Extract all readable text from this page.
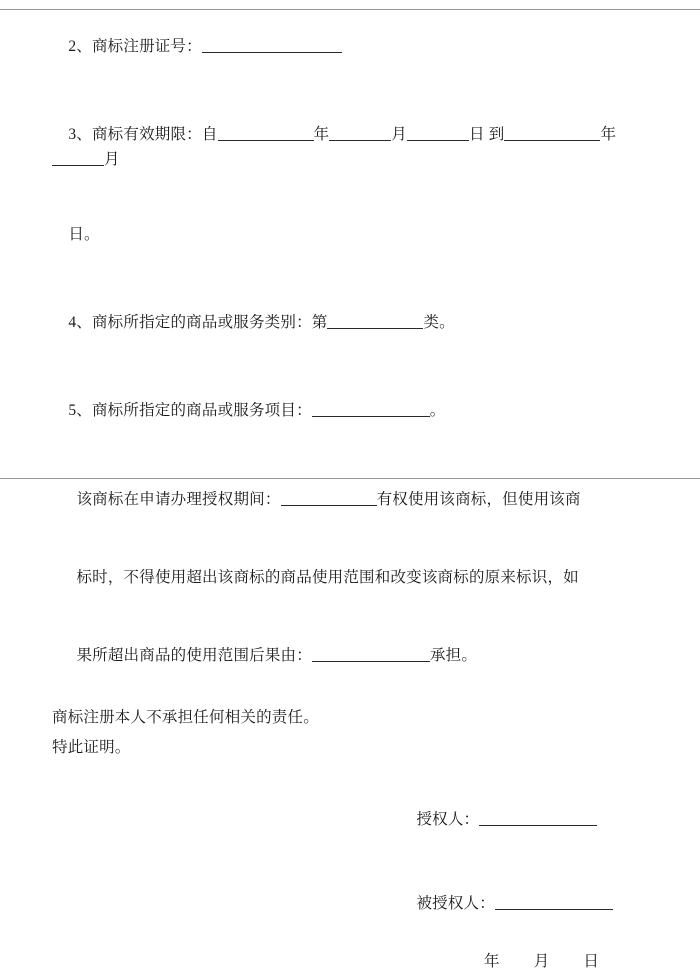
2、商标注册证号：

3、商标有效期限：自	年	月	日 到	年月

日。

4、商标所指定的商品或服务类别：第	类。

5、商标所指定的商品或服务项目：	。

该商标在申请办理授权期间：	有权使用该商标，但使用该商

标时，不得使用超出该商标的商品使用范围和改变该商标的原来标识，如

果所超出商品的使用范围后果由：	承担。

商标注册本人不承担任何相关的责任。
特此证明。

授权人：

被授权人：

年 月 日
